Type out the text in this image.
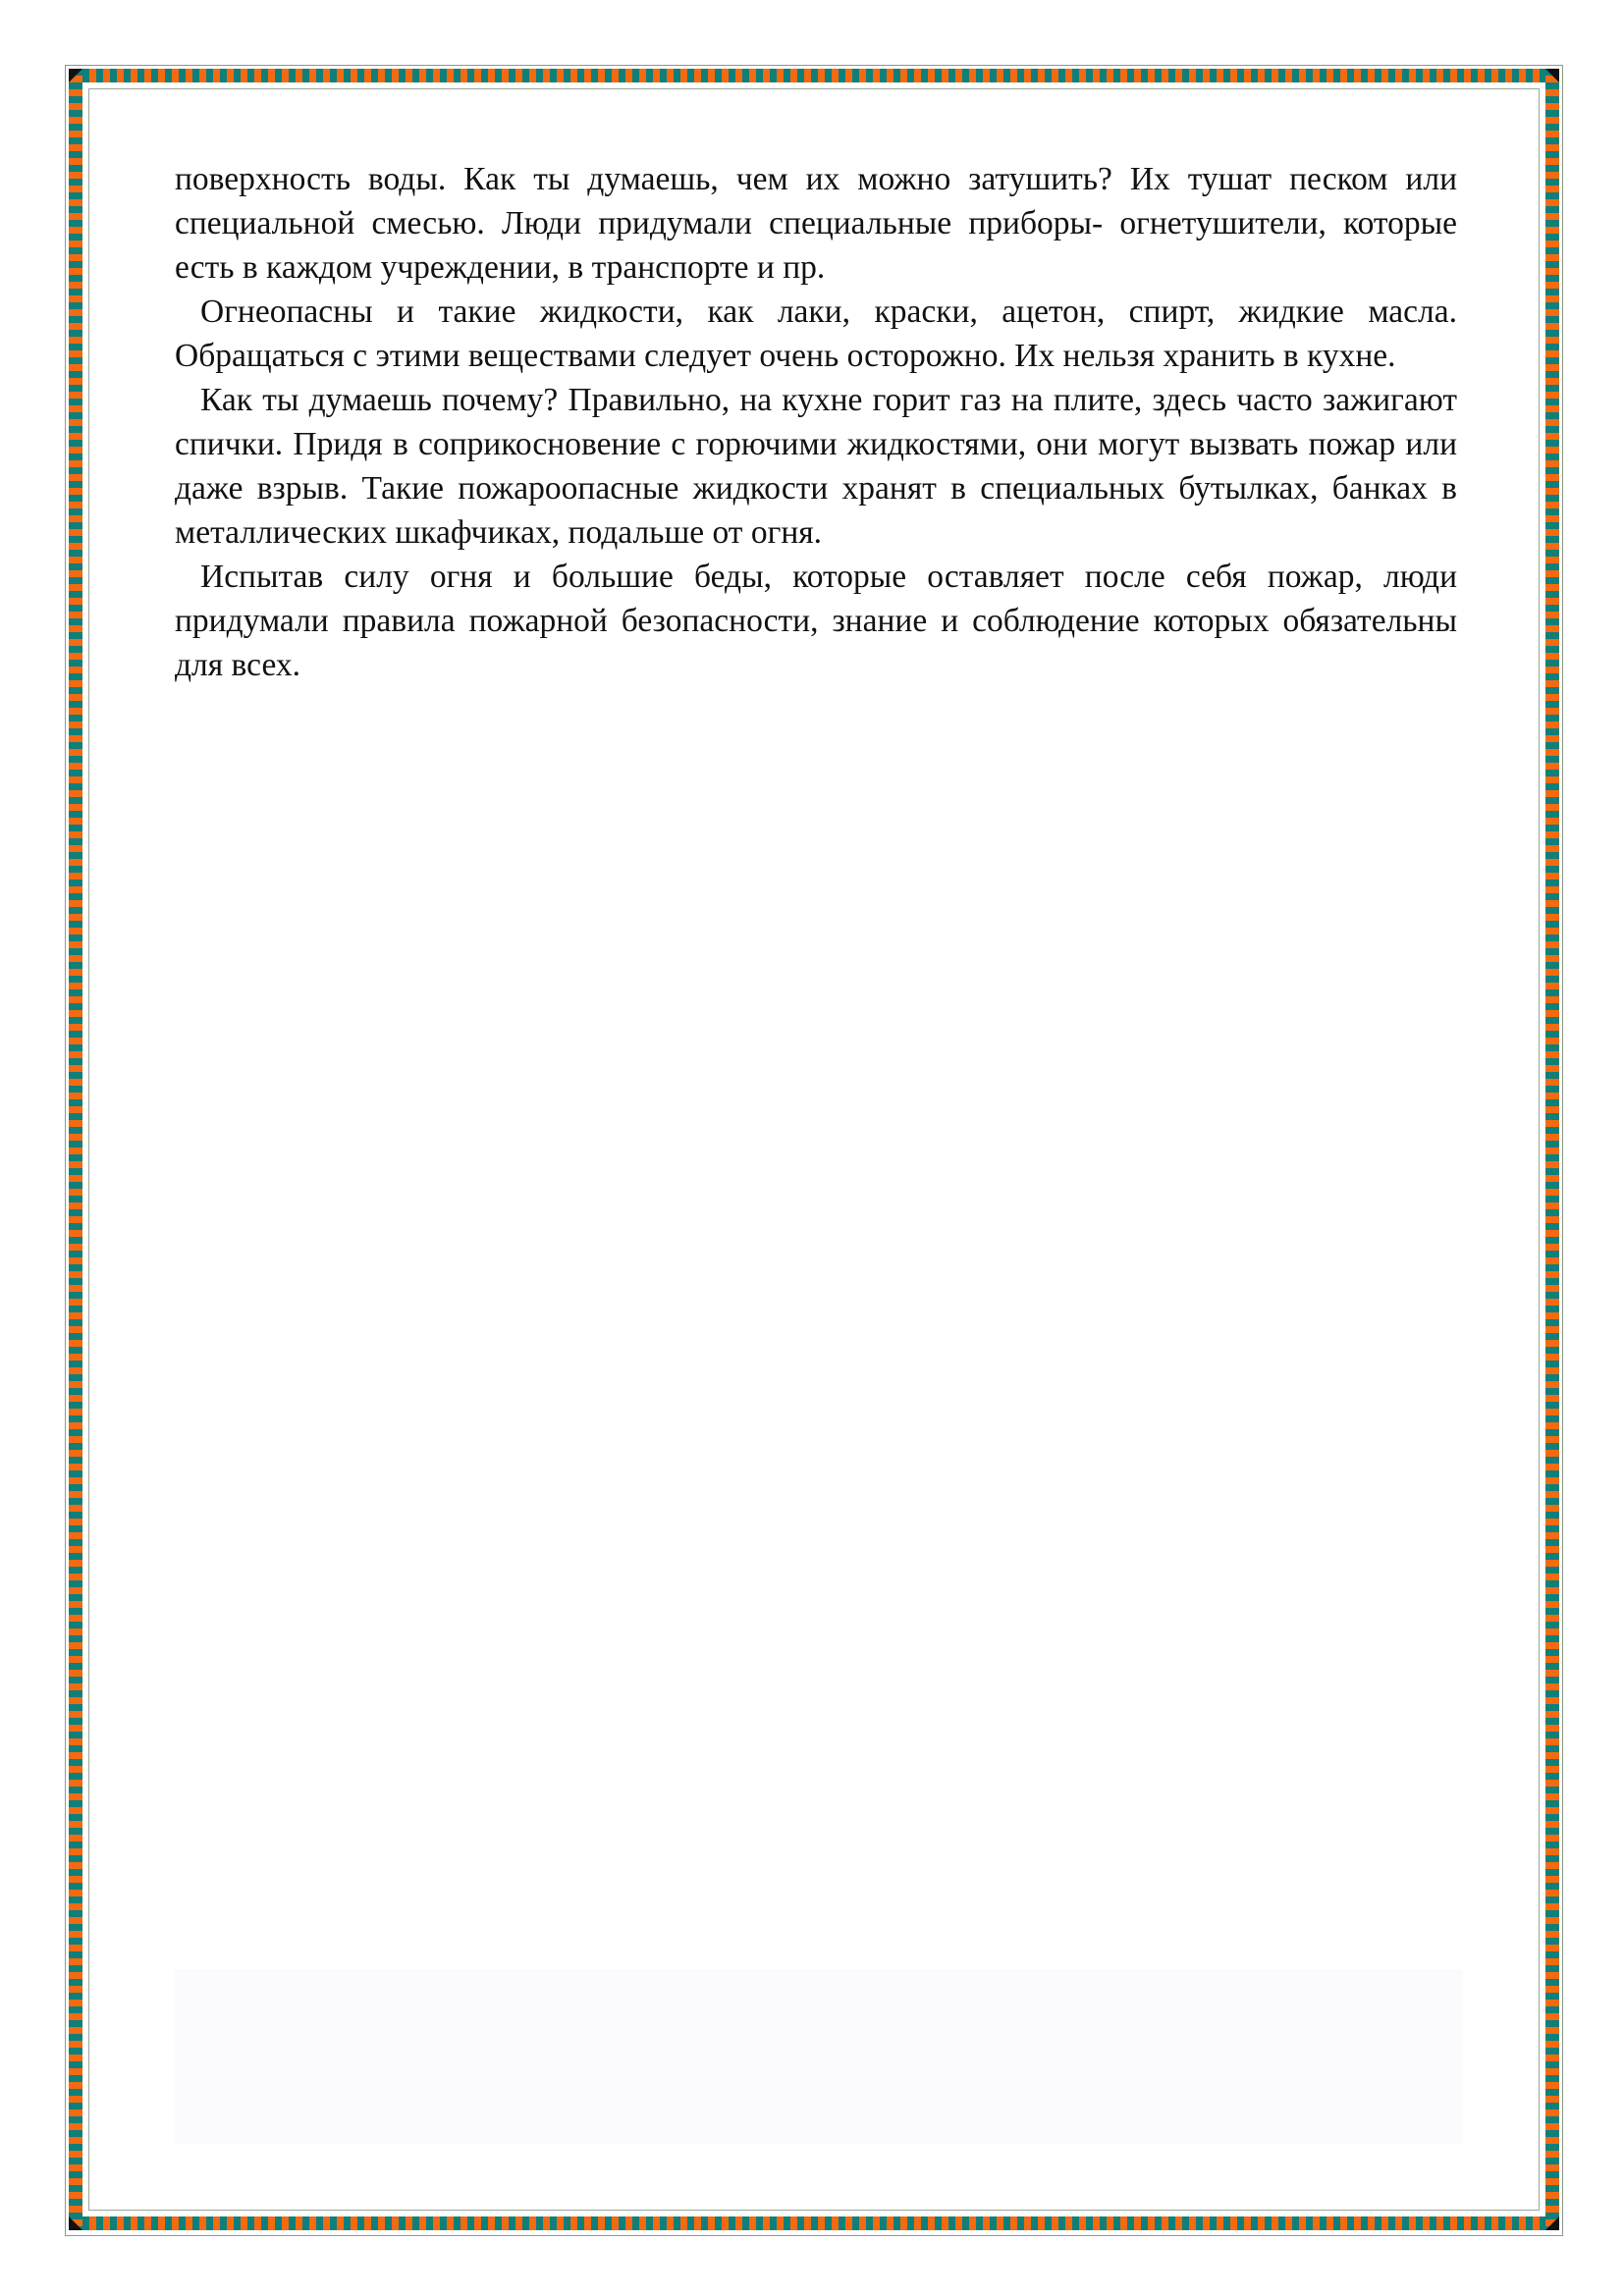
поверхность воды. Как ты думаешь, чем их можно затушить? Их тушат песком или специальной смесью. Люди придумали специальные приборы- огнетушители, которые есть в каждом учреждении, в транспорте и пр.

Огнеопасны и такие жидкости, как лаки, краски, ацетон, спирт, жидкие масла. Обращаться с этими веществами следует очень осторожно. Их нельзя хранить в кухне.

Как ты думаешь почему? Правильно, на кухне горит газ на плите, здесь часто зажигают спички. Придя в соприкосновение с горючими жидкостями, они могут вызвать пожар или даже взрыв. Такие пожароопасные жидкости хранят в специальных бутылках, банках в металлических шкафчиках, подальше от огня.

Испытав силу огня и большие беды, которые оставляет после себя пожар, люди придумали правила пожарной безопасности, знание и соблюдение которых обязательны для всех.
